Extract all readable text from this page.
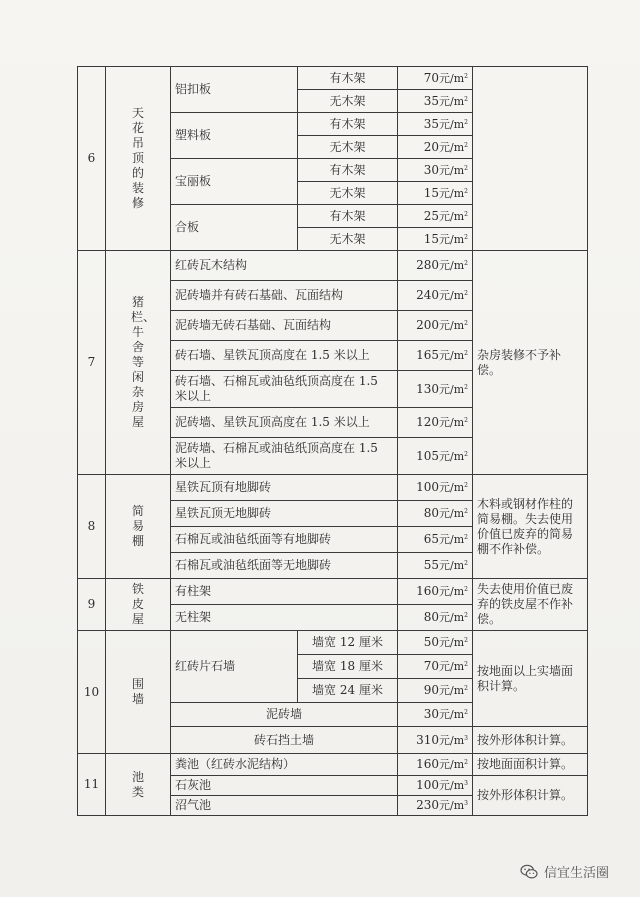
6	天花吊顶的装修	铝扣板	有木架	70元$/m^2$	
			无木架	35元$/m^2$
		塑料板	有木架	35元$/m^2$
			无木架	20元$/m^2$
		宝丽板	有木架	30元$/m^2$
			无木架	15元$/m^2$
		合板	有木架	25元$/m^2$
			无木架	15元$/m^2$
7	猪栏、牛舍等闲杂房屋	红砖瓦木结构		280元$/m^2$	杂房装修不予补偿。
		泥砖墙并有砖石基础、瓦面结构		240元$/m^2$
		泥砖墙无砖石基础、瓦面结构		200元$/m^2$
		砖石墙、星铁瓦顶高度在 1.5 米以上		165元$/m^2$
		砖石墙、石棉瓦或油毡纸顶高度在 1.5 米以上		130元$/m^2$
		泥砖墙、星铁瓦顶高度在 1.5 米以上		120元$/m^2$
		泥砖墙、石棉瓦或油毡纸顶高度在 1.5 米以上		105元$/m^2$
8	简易棚	星铁瓦顶有地脚砖		100元$/m^2$	木料或钢材作柱的简易棚。失去使用价值已废弃的简易棚不作补偿。
		星铁瓦顶无地脚砖		80元$/m^2$
		石棉瓦或油毡纸面等有地脚砖		65元$/m^2$
		石棉瓦或油毡纸面等无地脚砖		55元$/m^2$
9	铁皮屋	有柱架		160元$/m^2$	失去使用价值已废弃的铁皮屋不作补偿。
		无柱架		80元$/m^2$
10	围墙	红砖片石墙	墙宽 12 厘米	50元$/m^2$	按地面以上实墙面积计算。
			墙宽 18 厘米	70元$/m^2$
			墙宽 24 厘米	90元$/m^2$
		泥砖墙		30元$/m^2$
		砖石挡土墙		310元$/m^3$	按外形体积计算。
11	池类	粪池（红砖水泥结构）		160元$/m^2$	按地面面积计算。
		石灰池		100元$/m^3$	按外形体积计算。
		沼气池		230元$/m^3$
信宜生活圈
